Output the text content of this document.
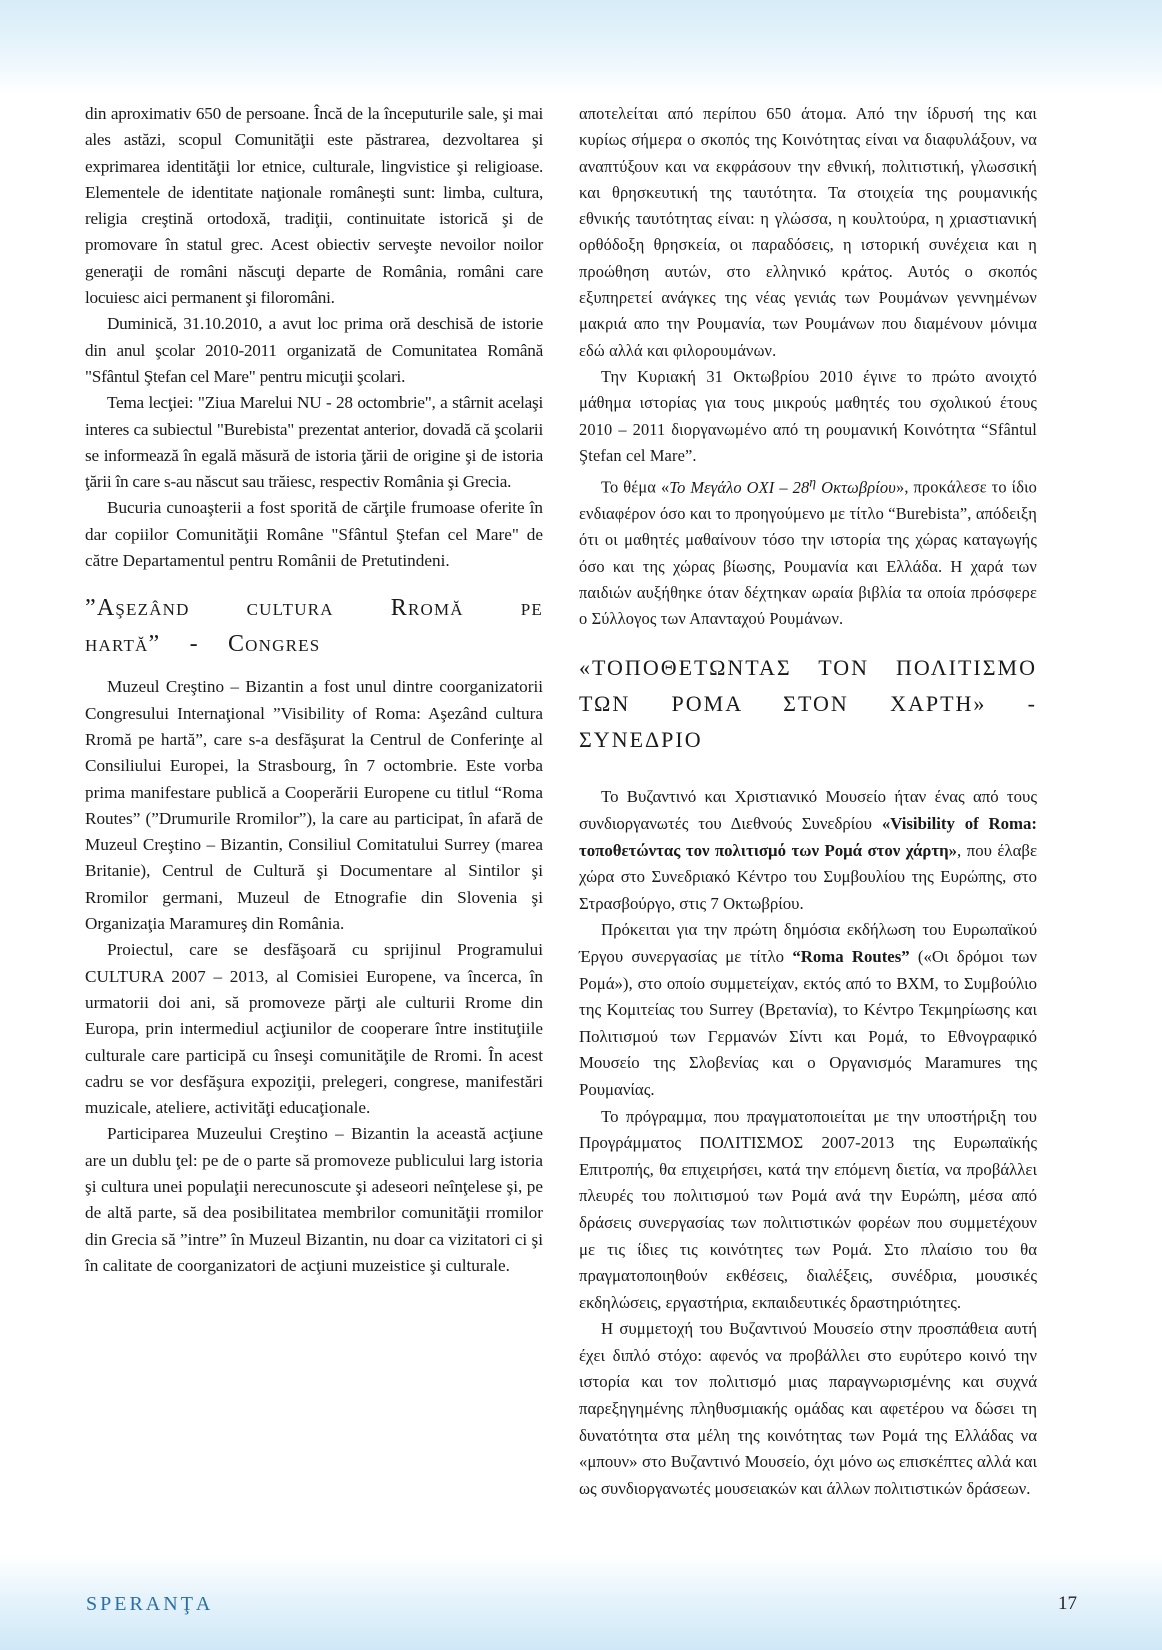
din aproximativ 650 de persoane. Încă de la începuturile sale, şi mai ales astăzi, scopul Comunităţii este păstrarea, dezvoltarea şi exprimarea identităţii lor etnice, culturale, lingvistice şi religioase. Elementele de identitate naţionale româneşti sunt: limba, cultura, religia creştină ortodoxă, tradiţii, continuitate istorică şi de promovare în statul grec. Acest obiectiv serveşte nevoilor noilor generaţii de români născuţi departe de România, români care locuiesc aici permanent şi filoromâni.

Duminică, 31.10.2010, a avut loc prima oră deschisă de istorie din anul şcolar 2010-2011 organizată de Comunitatea Română "Sfântul Ştefan cel Mare" pentru micuţii şcolari.

Tema lecţiei: "Ziua Marelui NU - 28 octombrie", a stârnit acelaşi interes ca subiectul "Burebista" prezentat anterior, dovadă că şcolarii se informează în egală măsură de istoria ţării de origine şi de istoria ţării în care s-au născut sau trăiesc, respectiv România şi Grecia.

Bucuria cunoaşterii a fost sporită de cărţile frumoase oferite în dar copiilor Comunităţii Române "Sfântul Ştefan cel Mare" de către Departamentul pentru Românii de Pretutindeni.

”Aşezând cultura Rromă pe hartă” - Congres

Muzeul Creştino – Bizantin a fost unul dintre coorganizatorii Congresului Internaţional ”Visibility of Roma: Aşezând cultura Rromă pe hartă”, care s-a desfăşurat la Centrul de Conferinţe al Consiliului Europei, la Strasbourg, în 7 octombrie. Este vorba prima manifestare publică a Cooperării Europene cu titlul “Roma Routes” (”Drumurile Rromilor”), la care au participat, în afară de Muzeul Creştino – Bizantin, Consiliul Comitatului Surrey (marea Britanie), Centrul de Cultură şi Documentare al Sintilor şi Rromilor germani, Muzeul de Etnografie din Slovenia şi Organizaţia Maramureş din România.

Proiectul, care se desfăşoară cu sprijinul Programului CULTURA 2007 – 2013, al Comisiei Europene, va încerca, în urmatorii doi ani, să promoveze părţi ale culturii Rrome din Europa, prin intermediul acţiunilor de cooperare între instituţiile culturale care participă cu înseşi comunităţile de Rromi. În acest cadru se vor desfăşura expoziţii, prelegeri, congrese, manifestări muzicale, ateliere, activităţi educaţionale.

Participarea Muzeului Creştino – Bizantin la această acţiune are un dublu ţel: pe de o parte să promoveze publicului larg istoria şi cultura unei populaţii nerecunoscute şi adeseori neînţelese şi, pe de altă parte, să dea posibilitatea membrilor comunităţii rromilor din Grecia să ”intre” în Muzeul Bizantin, nu doar ca vizitatori ci şi în calitate de coorganizatori de acţiuni muzeistice şi culturale.

αποτελείται από περίπου 650 άτομα. Από την ίδρυσή της και κυρίως σήμερα ο σκοπός της Κοινότητας είναι να διαφυλάξουν, να αναπτύξουν και να εκφράσουν την εθνική, πολιτιστική, γλωσσική και θρησκευτική της ταυτότητα. Τα στοιχεία της ρουμανικής εθνικής ταυτότητας είναι: η γλώσσα, η κουλτούρα, η χριαστιανική ορθόδοξη θρησκεία, οι παραδόσεις, η ιστορική συνέχεια και η προώθηση αυτών, στο ελληνικό κράτος. Αυτός ο σκοπός εξυπηρετεί ανάγκες της νέας γενιάς των Ρουμάνων γεννημένων μακριά απο την Ρουμανία, των Ρουμάνων που διαμένουν μόνιμα εδώ αλλά και φιλορουμάνων.

Την Κυριακή 31 Οκτωβρίου 2010 έγινε το πρώτο ανοιχτό μάθημα ιστορίας για τους μικρούς μαθητές του σχολικού έτους 2010 – 2011 διοργανωμένο από τη ρουμανική Κοινότητα “Sfântul Ştefan cel Mare”.

Το θέμα «Το Μεγάλο ΟΧΙ – $28^\eta$ Οκτωβρίου», προκάλεσε το ίδιο ενδιαφέρον όσο και το προηγούμενο με τίτλο “Burebista”, απόδειξη ότι οι μαθητές μαθαίνουν τόσο την ιστορία της χώρας καταγωγής όσο και της χώρας βίωσης, Ρουμανία και Ελλάδα. Η χαρά των παιδιών αυξήθηκε όταν δέχτηκαν ωραία βιβλία τα οποία πρόσφερε ο Σύλλογος των Απανταχού Ρουμάνων.

«ΤΟΠΟΘΕΤΩΝΤΑΣ ΤΟΝ ΠΟΛΙΤΙΣΜΟ ΤΩΝ ΡΟΜΑ ΣΤΟΝ ΧΑΡΤΗ» - ΣΥΝΕΔΡΙΟ

Το Βυζαντινό και Χριστιανικό Μουσείο ήταν ένας από τους συνδιοργανωτές του Διεθνούς Συνεδρίου «Visibility of Roma: τοποθετώντας τον πολιτισμό των Ρομά στον χάρτη», που έλαβε χώρα στο Συνεδριακό Κέντρο του Συμβουλίου της Ευρώπης, στο Στρασβούργο, στις 7 Οκτωβρίου.

Πρόκειται για την πρώτη δημόσια εκδήλωση του Ευρωπαϊκού Έργου συνεργασίας με τίτλο “Roma Routes” («Οι δρόμοι των Ρομά»), στο οποίο συμμετείχαν, εκτός από το ΒΧΜ, το Συμβούλιο της Κομιτείας του Surrey (Βρετανία), το Κέντρο Τεκμηρίωσης και Πολιτισμού των Γερμανών Σίντι και Ρομά, το Εθνογραφικό Μουσείο της Σλοβενίας και ο Οργανισμός Maramures της Ρουμανίας.

Το πρόγραμμα, που πραγματοποιείται με την υποστήριξη του Προγράμματος ΠΟΛΙΤΙΣΜΟΣ 2007-2013 της Ευρωπαϊκής Επιτροπής, θα επιχειρήσει, κατά την επόμενη διετία, να προβάλλει πλευρές του πολιτισμού των Ρομά ανά την Ευρώπη, μέσα από δράσεις συνεργασίας των πολιτιστικών φορέων που συμμετέχουν με τις ίδιες τις κοινότητες των Ρομά. Στο πλαίσιο του θα πραγματοποιηθούν εκθέσεις, διαλέξεις, συνέδρια, μουσικές εκδηλώσεις, εργαστήρια, εκπαιδευτικές δραστηριότητες.

Η συμμετοχή του Βυζαντινού Μουσείο στην προσπάθεια αυτή έχει διπλό στόχο: αφενός να προβάλλει στο ευρύτερο κοινό την ιστορία και τον πολιτισμό μιας παραγνωρισμένης και συχνά παρεξηγημένης πληθυσμιακής ομάδας και αφετέρου να δώσει τη δυνατότητα στα μέλη της κοινότητας των Ρομά της Ελλάδας να «μπουν» στο Βυζαντινό Μουσείο, όχι μόνο ως επισκέπτες αλλά και ως συνδιοργανωτές μουσειακών και άλλων πολιτιστικών δράσεων.

SPERANŢA	17
